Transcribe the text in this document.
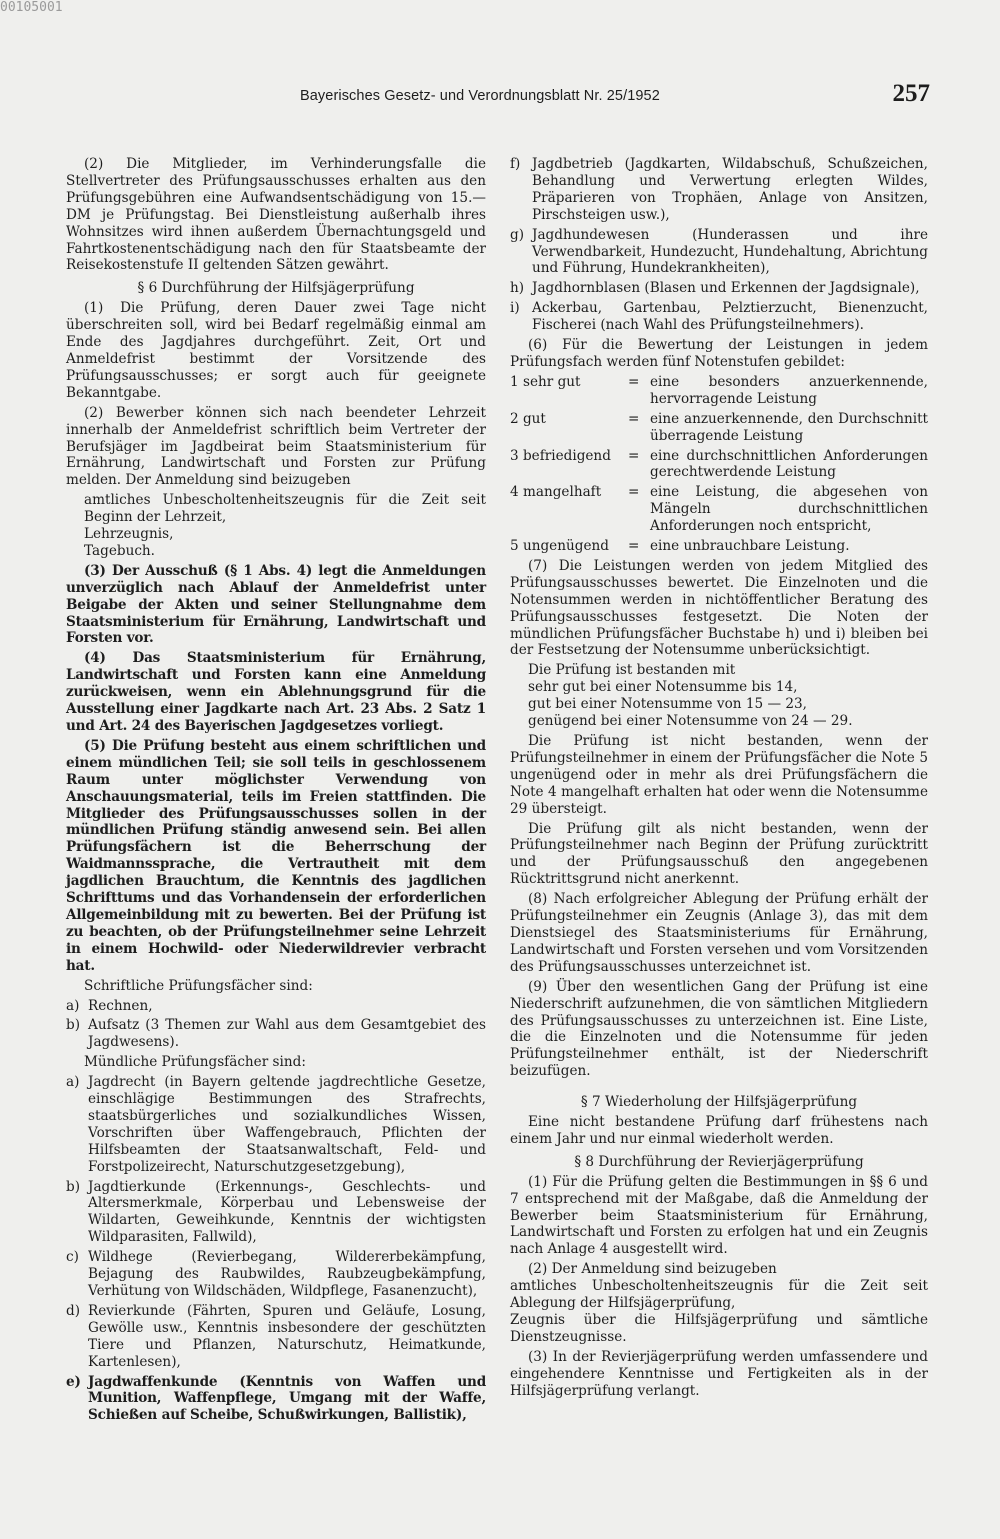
00105001
Bayerisches Gesetz- und Verordnungsblatt Nr. 25/1952	257

(2) Die Mitglieder, im Verhinderungsfalle die Stellvertreter des Prüfungsausschusses erhalten aus den Prüfungsgebühren eine Aufwandsentschädigung von 15.— DM je Prüfungstag. Bei Dienstleistung außerhalb ihres Wohnsitzes wird ihnen außerdem Übernachtungsgeld und Fahrtkostenentschädigung nach den für Staatsbeamte der Reisekostenstufe II geltenden Sätzen gewährt.

§ 6 Durchführung der Hilfsjägerprüfung

(1) Die Prüfung, deren Dauer zwei Tage nicht überschreiten soll, wird bei Bedarf regelmäßig einmal am Ende des Jagdjahres durchgeführt. Zeit, Ort und Anmeldefrist bestimmt der Vorsitzende des Prüfungsausschusses; er sorgt auch für geeignete Bekanntgabe.

(2) Bewerber können sich nach beendeter Lehrzeit innerhalb der Anmeldefrist schriftlich beim Vertreter der Berufsjäger im Jagdbeirat beim Staatsministerium für Ernährung, Landwirtschaft und Forsten zur Prüfung melden. Der Anmeldung sind beizugeben

amtliches Unbescholtenheitszeugnis für die Zeit seit Beginn der Lehrzeit,

Lehrzeugnis,

Tagebuch.

(3) Der Ausschuß (§ 1 Abs. 4) legt die Anmeldungen unverzüglich nach Ablauf der Anmeldefrist unter Beigabe der Akten und seiner Stellungnahme dem Staatsministerium für Ernährung, Landwirtschaft und Forsten vor.

(4) Das Staatsministerium für Ernährung, Landwirtschaft und Forsten kann eine Anmeldung zurückweisen, wenn ein Ablehnungsgrund für die Ausstellung einer Jagdkarte nach Art. 23 Abs. 2 Satz 1 und Art. 24 des Bayerischen Jagdgesetzes vorliegt.

(5) Die Prüfung besteht aus einem schriftlichen und einem mündlichen Teil; sie soll teils in geschlossenem Raum unter möglichster Verwendung von Anschauungsmaterial, teils im Freien stattfinden. Die Mitglieder des Prüfungsausschusses sollen in der mündlichen Prüfung ständig anwesend sein. Bei allen Prüfungsfächern ist die Beherrschung der Waidmannssprache, die Vertrautheit mit dem jagdlichen Brauchtum, die Kenntnis des jagdlichen Schrifttums und das Vorhandensein der erforderlichen Allgemeinbildung mit zu bewerten. Bei der Prüfung ist zu beachten, ob der Prüfungsteilnehmer seine Lehrzeit in einem Hochwild- oder Niederwildrevier verbracht hat.

Schriftliche Prüfungsfächer sind:

a) Rechnen,
b) Aufsatz (3 Themen zur Wahl aus dem Gesamtgebiet des Jagdwesens).

Mündliche Prüfungsfächer sind:

a) Jagdrecht (in Bayern geltende jagdrechtliche Gesetze, einschlägige Bestimmungen des Strafrechts, staatsbürgerliches und sozialkundliches Wissen, Vorschriften über Waffengebrauch, Pflichten der Hilfsbeamten der Staatsanwaltschaft, Feld- und Forstpolizeirecht, Naturschutzgesetzgebung),
b) Jagdtierkunde (Erkennungs-, Geschlechts- und Altersmerkmale, Körperbau und Lebensweise der Wildarten, Geweihkunde, Kenntnis der wichtigsten Wildparasiten, Fallwild),
c) Wildhege (Revierbegang, Wildererbekämpfung, Bejagung des Raubwildes, Raubzeugbekämpfung, Verhütung von Wildschäden, Wildpflege, Fasanenzucht),
d) Revierkunde (Fährten, Spuren und Geläufe, Losung, Gewölle usw., Kenntnis insbesondere der geschützten Tiere und Pflanzen, Naturschutz, Heimatkunde, Kartenlesen),
e) Jagdwaffenkunde (Kenntnis von Waffen und Munition, Waffenpflege, Umgang mit der Waffe, Schießen auf Scheibe, Schußwirkungen, Ballistik),
f) Jagdbetrieb (Jagdkarten, Wildabschuß, Schußzeichen, Behandlung und Verwertung erlegten Wildes, Präparieren von Trophäen, Anlage von Ansitzen, Pirschsteigen usw.),
g) Jagdhundewesen (Hunderassen und ihre Verwendbarkeit, Hundezucht, Hundehaltung, Abrichtung und Führung, Hundekrankheiten),
h) Jagdhornblasen (Blasen und Erkennen der Jagdsignale),
i) Ackerbau, Gartenbau, Pelztierzucht, Bienenzucht, Fischerei (nach Wahl des Prüfungsteilnehmers).

(6) Für die Bewertung der Leistungen in jedem Prüfungsfach werden fünf Notenstufen gebildet:

1 sehr gut	= eine besonders anzuerkennende, hervorragende Leistung
2 gut	= eine anzuerkennende, den Durchschnitt überragende Leistung
3 befriedigend	= eine durchschnittlichen Anforderungen gerechtwerdende Leistung
4 mangelhaft	= eine Leistung, die abgesehen von Mängeln durchschnittlichen Anforderungen noch entspricht,
5 ungenügend	= eine unbrauchbare Leistung.

(7) Die Leistungen werden von jedem Mitglied des Prüfungsausschusses bewertet. Die Einzelnoten und die Notensummen werden in nichtöffentlicher Beratung des Prüfungsausschusses festgesetzt. Die Noten der mündlichen Prüfungsfächer Buchstabe h) und i) bleiben bei der Festsetzung der Notensumme unberücksichtigt.

Die Prüfung ist bestanden mit

sehr gut bei einer Notensumme bis 14,
gut bei einer Notensumme von 15 — 23,
genügend bei einer Notensumme von 24 — 29.

Die Prüfung ist nicht bestanden, wenn der Prüfungsteilnehmer in einem der Prüfungsfächer die Note 5 ungenügend oder in mehr als drei Prüfungsfächern die Note 4 mangelhaft erhalten hat oder wenn die Notensumme 29 übersteigt.

Die Prüfung gilt als nicht bestanden, wenn der Prüfungsteilnehmer nach Beginn der Prüfung zurücktritt und der Prüfungsausschuß den angegebenen Rücktrittsgrund nicht anerkennt.

(8) Nach erfolgreicher Ablegung der Prüfung erhält der Prüfungsteilnehmer ein Zeugnis (Anlage 3), das mit dem Dienstsiegel des Staatsministeriums für Ernährung, Landwirtschaft und Forsten versehen und vom Vorsitzenden des Prüfungsausschusses unterzeichnet ist.

(9) Über den wesentlichen Gang der Prüfung ist eine Niederschrift aufzunehmen, die von sämtlichen Mitgliedern des Prüfungsausschusses zu unterzeichnen ist. Eine Liste, die die Einzelnoten und die Notensumme für jeden Prüfungsteilnehmer enthält, ist der Niederschrift beizufügen.

§ 7 Wiederholung der Hilfsjägerprüfung

Eine nicht bestandene Prüfung darf frühestens nach einem Jahr und nur einmal wiederholt werden.

§ 8 Durchführung der Revierjägerprüfung

(1) Für die Prüfung gelten die Bestimmungen in §§ 6 und 7 entsprechend mit der Maßgabe, daß die Anmeldung der Bewerber beim Staatsministerium für Ernährung, Landwirtschaft und Forsten zu erfolgen hat und ein Zeugnis nach Anlage 4 ausgestellt wird.

(2) Der Anmeldung sind beizugeben

amtliches Unbescholtenheitszeugnis für die Zeit seit Ablegung der Hilfsjägerprüfung,

Zeugnis über die Hilfsjägerprüfung und sämtliche Dienstzeugnisse.

(3) In der Revierjägerprüfung werden umfassendere und eingehendere Kenntnisse und Fertigkeiten als in der Hilfsjägerprüfung verlangt.
